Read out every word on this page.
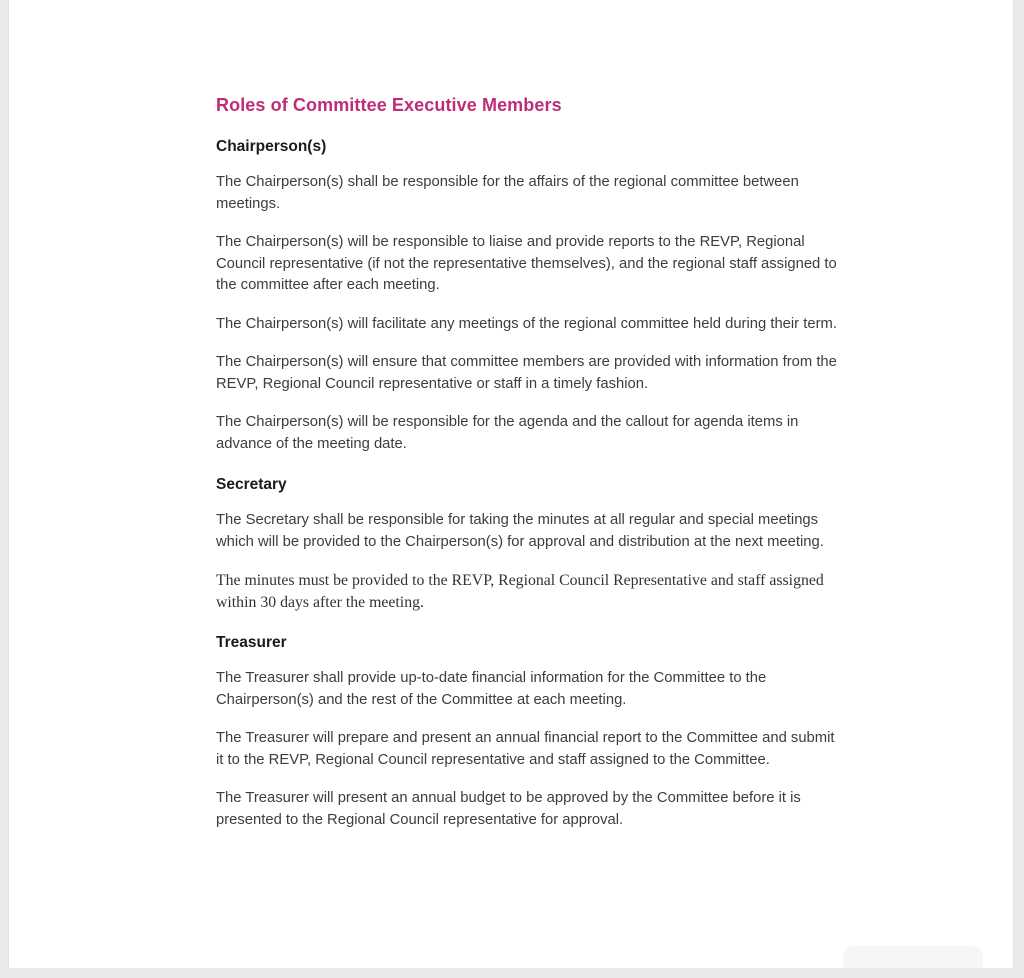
Roles of Committee Executive Members
Chairperson(s)

The Chairperson(s) shall be responsible for the affairs of the regional committee between meetings.

The Chairperson(s) will be responsible to liaise and provide reports to the REVP, Regional Council representative (if not the representative themselves), and the regional staff assigned to the committee after each meeting.

The Chairperson(s) will facilitate any meetings of the regional committee held during their term.

The Chairperson(s) will ensure that committee members are provided with information from the REVP, Regional Council representative or staff in a timely fashion.

The Chairperson(s) will be responsible for the agenda and the callout for agenda items in advance of the meeting date.

Secretary

The Secretary shall be responsible for taking the minutes at all regular and special meetings which will be provided to the Chairperson(s) for approval and distribution at the next meeting.

The minutes must be provided to the REVP, Regional Council Representative and staff assigned within 30 days after the meeting.

Treasurer

The Treasurer shall provide up-to-date financial information for the Committee to the Chairperson(s) and the rest of the Committee at each meeting.

The Treasurer will prepare and present an annual financial report to the Committee and submit it to the REVP, Regional Council representative and staff assigned to the Committee.

The Treasurer will present an annual budget to be approved by the Committee before it is presented to the Regional Council representative for approval.
